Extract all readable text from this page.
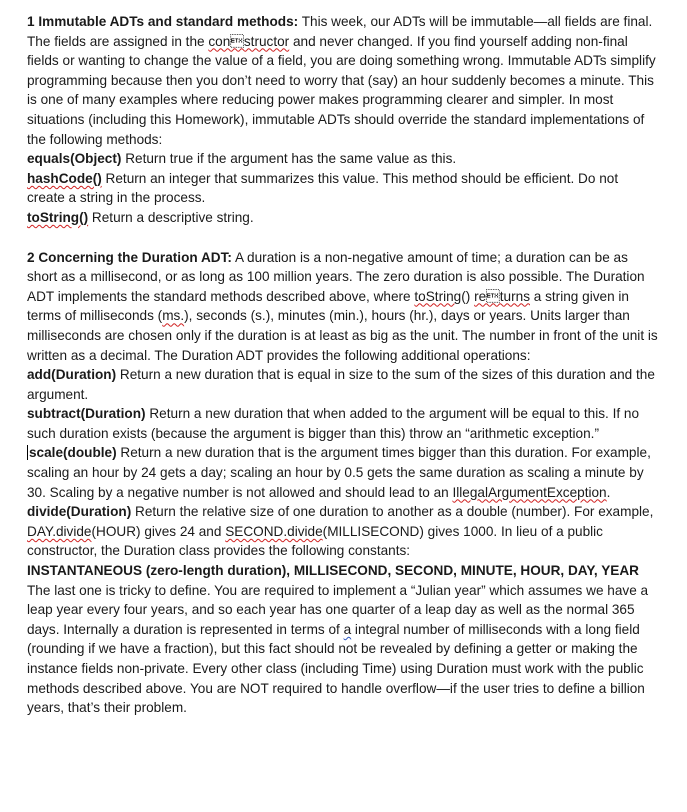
1 Immutable ADTs and standard methods: This week, our ADTs will be immutable—all fields are final. The fields are assigned in the constructor and never changed. If you find yourself adding non-final fields or wanting to change the value of a field, you are doing something wrong. Immutable ADTs simplify programming because then you don’t need to worry that (say) an hour suddenly becomes a minute. This is one of many examples where reducing power makes programming clearer and simpler. In most situations (including this Homework), immutable ADTs should override the standard implementations of the following methods:

equals(Object) Return true if the argument has the same value as this.

hashCode() Return an integer that summarizes this value. This method should be efficient. Do not create a string in the process.

toString() Return a descriptive string.

2 Concerning the Duration ADT: A duration is a non-negative amount of time; a duration can be as short as a millisecond, or as long as 100 million years. The zero duration is also possible. The Duration ADT implements the standard methods described above, where toString() returns a string given in terms of milliseconds (ms.), seconds (s.), minutes (min.), hours (hr.), days or years. Units larger than milliseconds are chosen only if the duration is at least as big as the unit. The number in front of the unit is written as a decimal. The Duration ADT provides the following additional operations:

add(Duration) Return a new duration that is equal in size to the sum of the sizes of this duration and the argument.

subtract(Duration) Return a new duration that when added to the argument will be equal to this. If no such duration exists (because the argument is bigger than this) throw an “arithmetic exception.”

scale(double) Return a new duration that is the argument times bigger than this duration. For example, scaling an hour by 24 gets a day; scaling an hour by 0.5 gets the same duration as scaling a minute by 30. Scaling by a negative number is not allowed and should lead to an IllegalArgumentException.

divide(Duration) Return the relative size of one duration to another as a double (number). For example, DAY.divide(HOUR) gives 24 and SECOND.divide(MILLISECOND) gives 1000. In lieu of a public constructor, the Duration class provides the following constants:

INSTANTANEOUS (zero-length duration), MILLISECOND, SECOND, MINUTE, HOUR, DAY, YEAR

The last one is tricky to define. You are required to implement a “Julian year” which assumes we have a leap year every four years, and so each year has one quarter of a leap day as well as the normal 365 days. Internally a duration is represented in terms of a integral number of milliseconds with a long field (rounding if we have a fraction), but this fact should not be revealed by defining a getter or making the instance fields non-private. Every other class (including Time) using Duration must work with the public methods described above. You are NOT required to handle overflow—if the user tries to define a billion years, that’s their problem.
